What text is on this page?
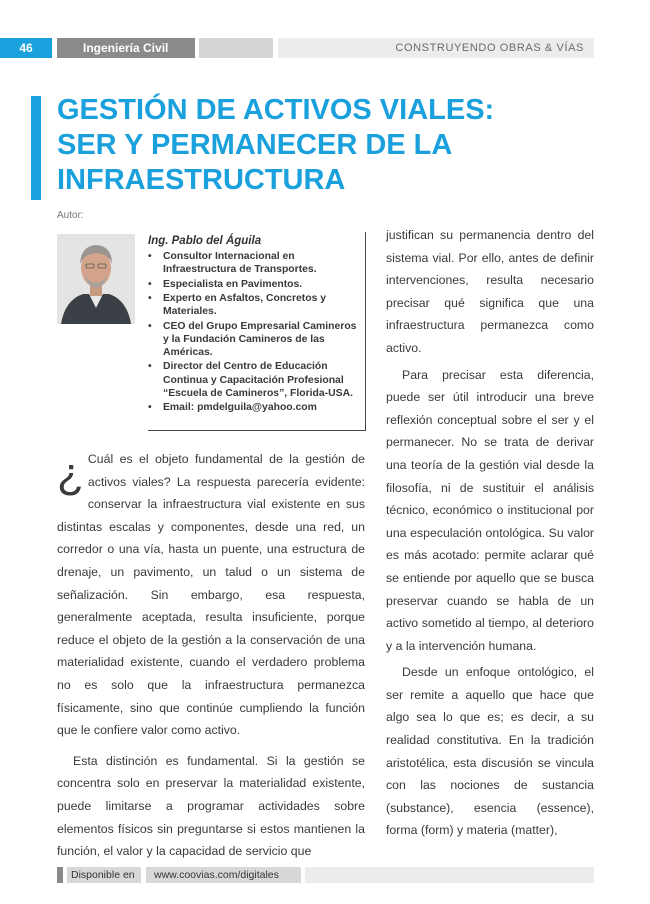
46	Ingeniería Civil	CONSTRUYENDO OBRAS & VÍAS
GESTIÓN DE ACTIVOS VIALES:
SER Y PERMANECER DE LA
INFRAESTRUCTURA
Autor:
Ing. Pablo del Águila
• Consultor Internacional en Infraestructura de Transportes.
• Especialista en Pavimentos.
• Experto en Asfaltos, Concretos y Materiales.
• CEO del Grupo Empresarial Camineros y la Fundación Camineros de las Américas.
• Director del Centro de Educación Continua y Capacitación Profesional “Escuela de Camineros”, Florida-USA.
• Email: pmdelguila@yahoo.com

¿ Cuál es el objeto fundamental de la gestión de activos viales? La respuesta parecería evidente: conservar la infraestructura vial existente en sus distintas escalas y componentes, desde una red, un corredor o una vía, hasta un puente, una estructura de drenaje, un pavimento, un talud o un sistema de señalización. Sin embargo, esa respuesta, generalmente aceptada, resulta insuficiente, porque reduce el objeto de la gestión a la conservación de una materialidad existente, cuando el verdadero problema no es solo que la infraestructura permanezca físicamente, sino que continúe cumpliendo la función que le confiere valor como activo.

Esta distinción es fundamental. Si la gestión se concentra solo en preservar la materialidad existente, puede limitarse a programar actividades sobre elementos físicos sin preguntarse si estos mantienen la función, el valor y la capacidad de servicio que

justifican su permanencia dentro del sistema vial. Por ello, antes de definir intervenciones, resulta necesario precisar qué significa que una infraestructura permanezca como activo.

Para precisar esta diferencia, puede ser útil introducir una breve reflexión conceptual sobre el ser y el permanecer. No se trata de derivar una teoría de la gestión vial desde la filosofía, ni de sustituir el análisis técnico, económico o institucional por una especulación ontológica. Su valor es más acotado: permite aclarar qué se entiende por aquello que se busca preservar cuando se habla de un activo sometido al tiempo, al deterioro y a la intervención humana.

Desde un enfoque ontológico, el ser remite a aquello que hace que algo sea lo que es; es decir, a su realidad constitutiva. En la tradición aristotélica, esta discusión se vincula con las nociones de sustancia (substance), esencia (essence), forma (form) y materia (matter),

Disponible en	www.coovias.com/digitales
